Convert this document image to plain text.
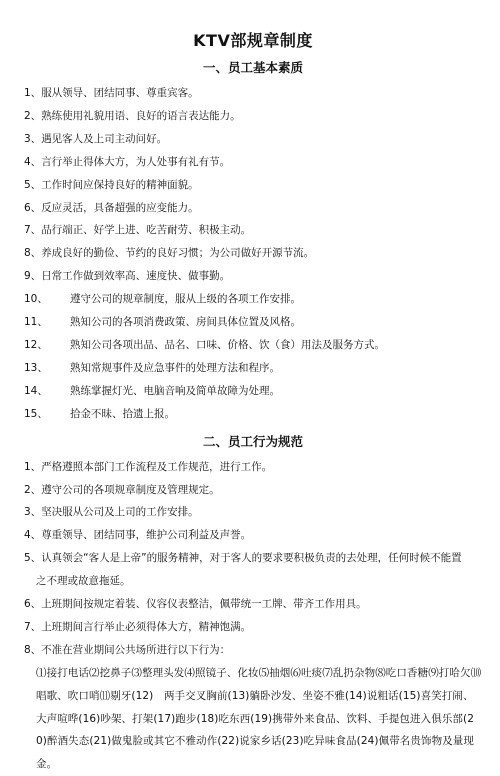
KTV部规章制度
一、员工基本素质
1、服从领导、团结同事、尊重宾客。
2、熟练使用礼貌用语、良好的语言表达能力。
3、遇见客人及上司主动问好。
4、言行举止得体大方，为人处事有礼有节。
5、工作时间应保持良好的精神面貌。
6、反应灵活，具备超强的应变能力。
7、品行端正、好学上进、吃苦耐劳、积极主动。
8、养成良好的勤俭、节约的良好习惯；为公司做好开源节流。
9、日常工作做到效率高、速度快、做事勤。
10、 遵守公司的规章制度，服从上级的各项工作安排。
11、 熟知公司的各项消费政策、房间具体位置及风格。
12、 熟知公司各项出品、品名、口味、价格、饮（食）用法及服务方式。
13、 熟知常规事件及应急事件的处理方法和程序。
14、 熟练掌握灯光、电脑音响及简单故障为处理。
15、 拾金不昧、拾遗上报。
二、员工行为规范
1、严格遵照本部门工作流程及工作规范，进行工作。
2、遵守公司的各项规章制度及管理规定。
3、坚决服从公司及上司的工作安排。
4、尊重领导、团结同事，维护公司利益及声誉。
5、认真领会“客人是上帝”的服务精神，对于客人的要求要积极负责的去处理，任何时候不能置
之不理或故意拖延。
6、上班期间按规定着装、仪容仪表整洁，佩带统一工牌、带齐工作用具。
7、上班期间言行举止必须得体大方，精神饱满。
8、不准在营业期间公共场所进行以下行为：
⑴接打电话⑵挖鼻子⑶整理头发⑷照镜子、化妆⑸抽烟⑹吐痰⑺乱扔杂物⑻吃口香糖⑼打哈欠⑽唱歌、吹口哨⑾剔牙(12)　两手交叉胸前(13)躺卧沙发、坐姿不雅(14)说粗话(15)喜笑打闹、大声喧哗(16)吵架、打架(17)跑步(18)吃东西(19)携带外来食品、饮料、手提包进入俱乐部(20)醉酒失态(21)做鬼脸或其它不雅动作(22)说家乡话(23)吃异味食品(24)佩带名贵饰物及量现金。
